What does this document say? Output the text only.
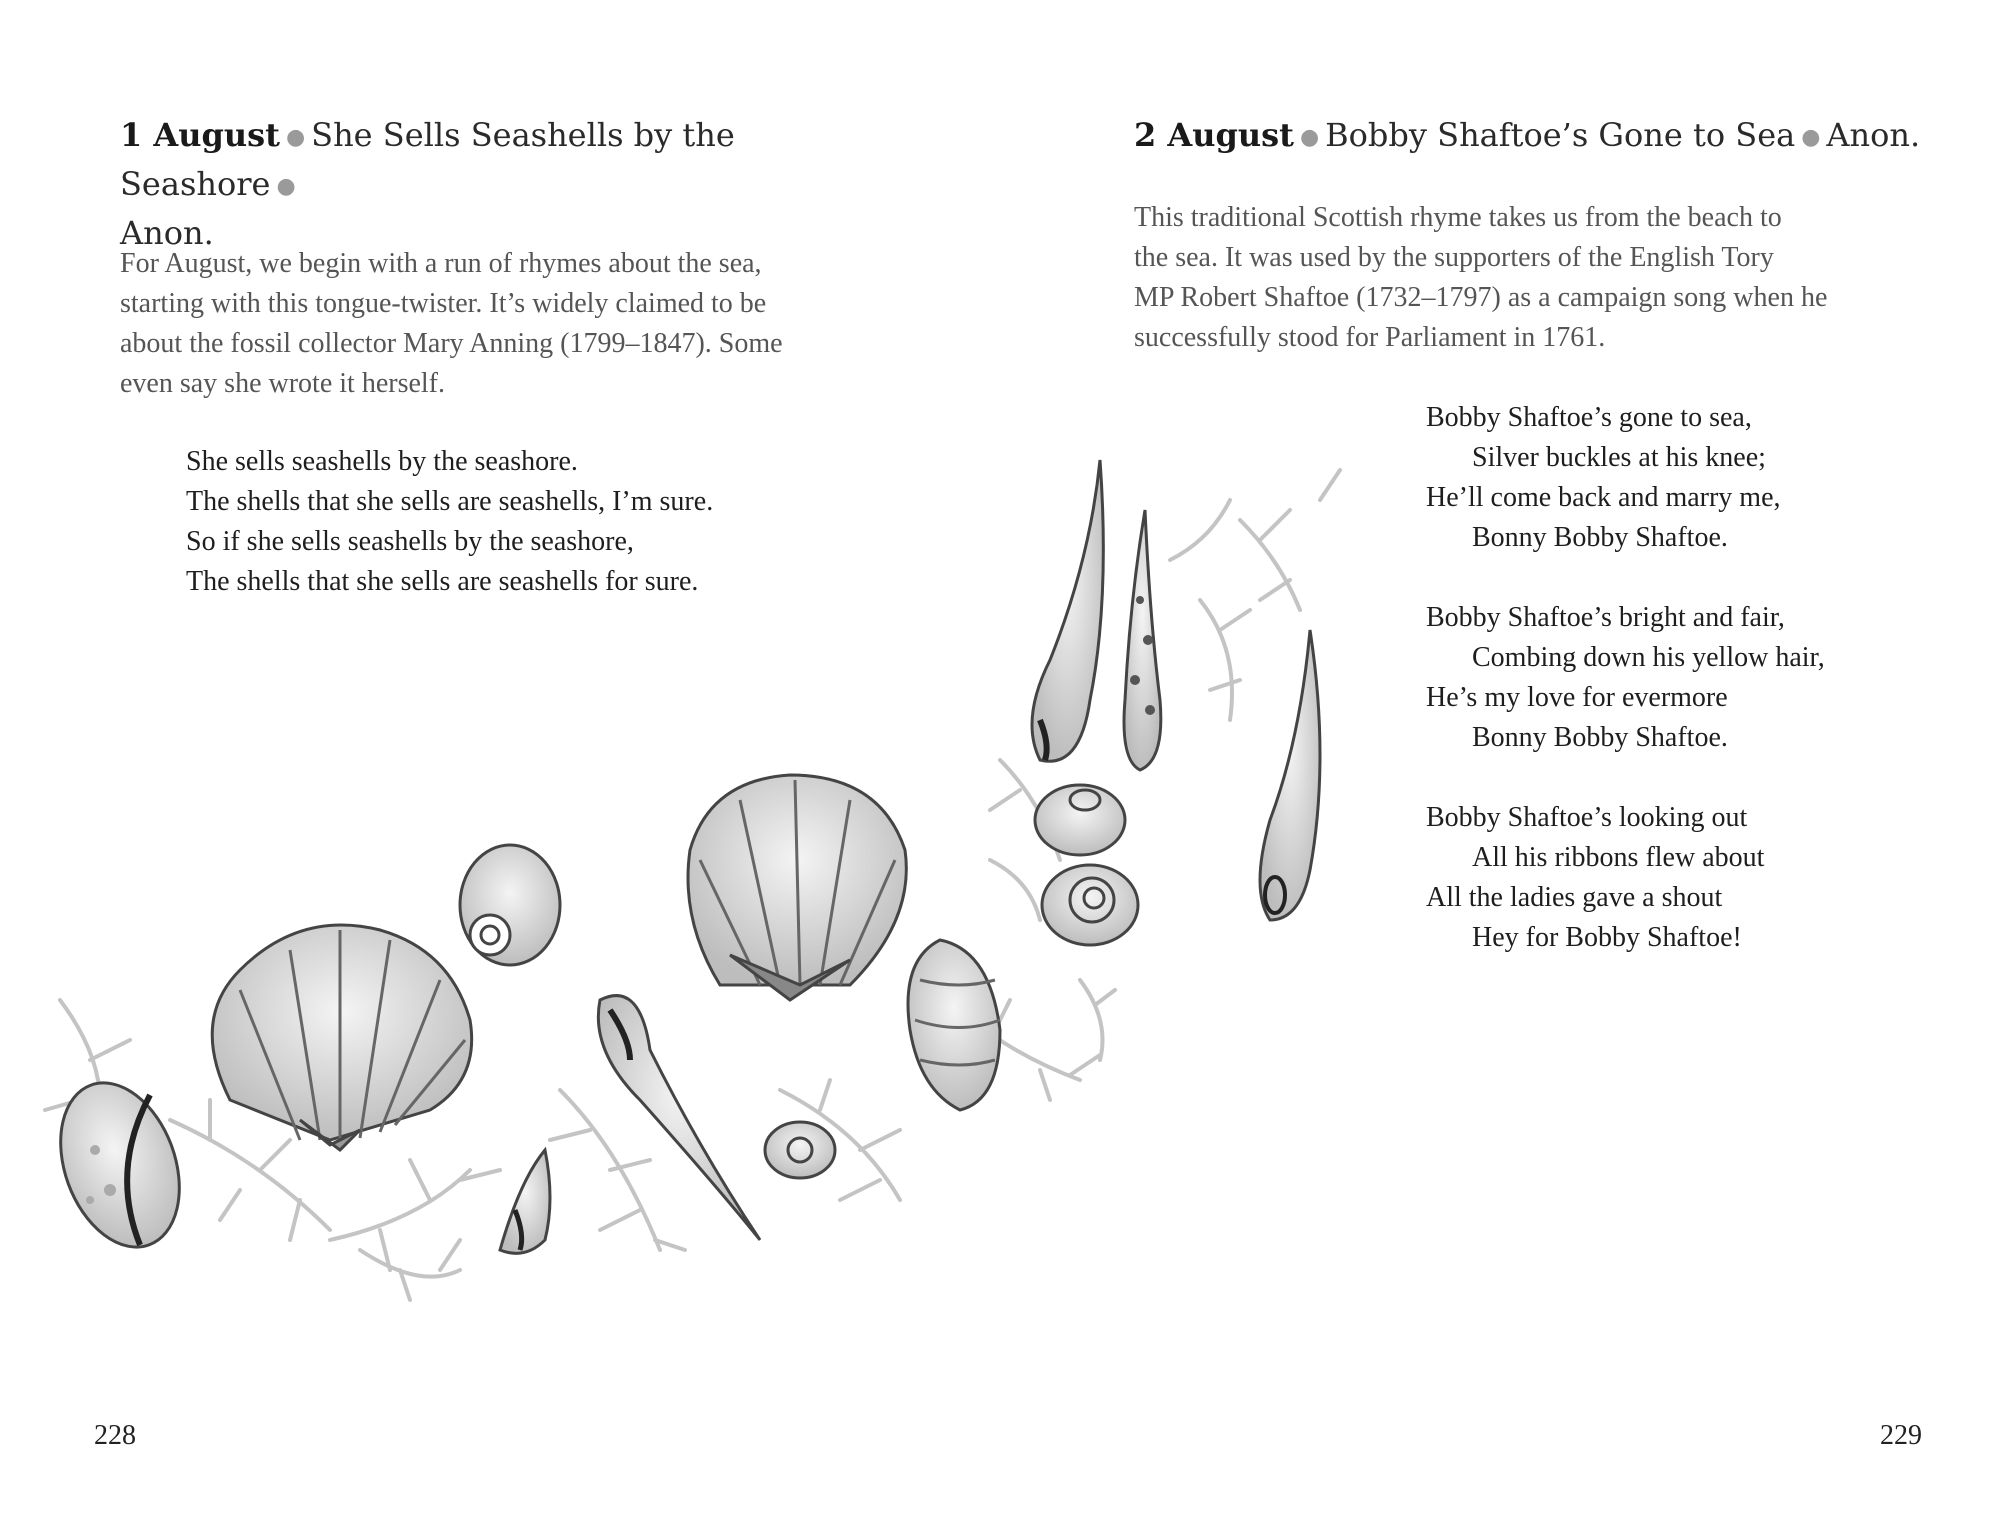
1 August ● She Sells Seashells by the Seashore ●
Anon.
For August, we begin with a run of rhymes about the sea,
starting with this tongue-twister. It’s widely claimed to be
about the fossil collector Mary Anning (1799–1847). Some
even say she wrote it herself.
She sells seashells by the seashore.
The shells that she sells are seashells, I’m sure.
So if she sells seashells by the seashore,
The shells that she sells are seashells for sure.
228
2 August ● Bobby Shaftoe’s Gone to Sea ● Anon.
This traditional Scottish rhyme takes us from the beach to
the sea. It was used by the supporters of the English Tory
MP Robert Shaftoe (1732–1797) as a campaign song when he
successfully stood for Parliament in 1761.
Bobby Shaftoe’s gone to sea,
Silver buckles at his knee;
He’ll come back and marry me,
Bonny Bobby Shaftoe.
Bobby Shaftoe’s bright and fair,
Combing down his yellow hair,
He’s my love for evermore
Bonny Bobby Shaftoe.
Bobby Shaftoe’s looking out
All his ribbons flew about
All the ladies gave a shout
Hey for Bobby Shaftoe!
229
